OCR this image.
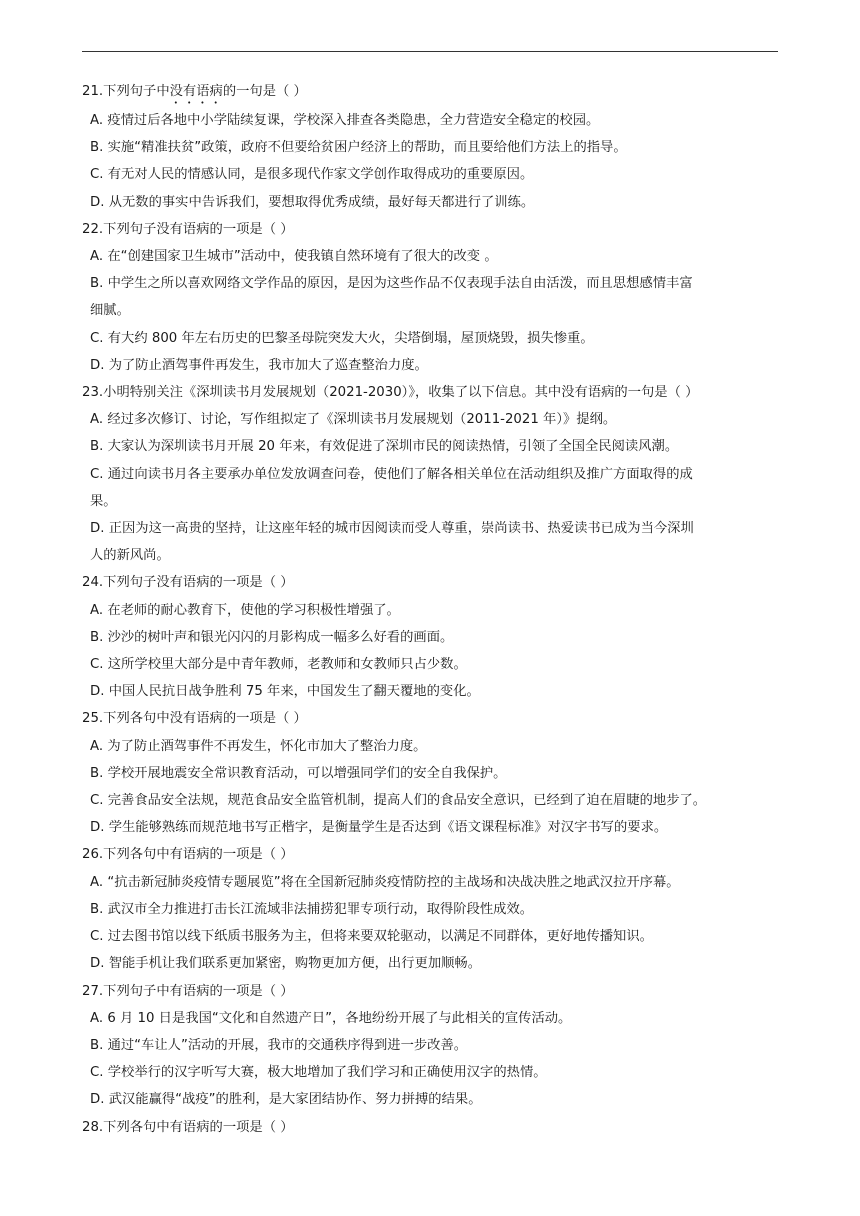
21.下列句子中没有语病的一句是（ ）
A. 疫情过后各地中小学陆续复课，学校深入排查各类隐患，全力营造安全稳定的校园。
B. 实施“精准扶贫”政策，政府不但要给贫困户经济上的帮助，而且要给他们方法上的指导。
C. 有无对人民的情感认同，是很多现代作家文学创作取得成功的重要原因。
D. 从无数的事实中告诉我们，要想取得优秀成绩，最好每天都进行了训练。
22.下列句子没有语病的一项是（ ）
A. 在“创建国家卫生城市”活动中，使我镇自然环境有了很大的改变 。
B. 中学生之所以喜欢网络文学作品的原因，是因为这些作品不仅表现手法自由活泼，而且思想感情丰富
细腻。
C. 有大约 800 年左右历史的巴黎圣母院突发大火，尖塔倒塌，屋顶烧毁，损失惨重。
D. 为了防止酒驾事件再发生，我市加大了巡查整治力度。
23.小明特别关注《深圳读书月发展规划（2021-2030）》，收集了以下信息。其中没有语病的一句是（ ）
A. 经过多次修订、讨论，写作组拟定了《深圳读书月发展规划（2011-2021 年）》提纲。
B. 大家认为深圳读书月开展 20 年来，有效促进了深圳市民的阅读热情，引领了全国全民阅读风潮。
C. 通过向读书月各主要承办单位发放调查问卷，使他们了解各相关单位在活动组织及推广方面取得的成
果。
D. 正因为这一高贵的坚持，让这座年轻的城市因阅读而受人尊重，崇尚读书、热爱读书已成为当今深圳
人的新风尚。
24.下列句子没有语病的一项是（ ）
A. 在老师的耐心教育下，使他的学习积极性增强了。
B. 沙沙的树叶声和银光闪闪的月影构成一幅多么好看的画面。
C. 这所学校里大部分是中青年教师，老教师和女教师只占少数。
D. 中国人民抗日战争胜利 75 年来，中国发生了翻天覆地的变化。
25.下列各句中没有语病的一项是（ ）
A. 为了防止酒驾事件不再发生，怀化市加大了整治力度。
B. 学校开展地震安全常识教育活动，可以增强同学们的安全自我保护。
C. 完善食品安全法规，规范食品安全监管机制，提高人们的食品安全意识，已经到了迫在眉睫的地步了。
D. 学生能够熟练而规范地书写正楷字，是衡量学生是否达到《语文课程标准》对汉字书写的要求。
26.下列各句中有语病的一项是（ ）
A. “抗击新冠肺炎疫情专题展览”将在全国新冠肺炎疫情防控的主战场和决战决胜之地武汉拉开序幕。
B. 武汉市全力推进打击长江流域非法捕捞犯罪专项行动，取得阶段性成效。
C. 过去图书馆以线下纸质书服务为主，但将来要双轮驱动，以满足不同群体，更好地传播知识。
D. 智能手机让我们联系更加紧密，购物更加方便，出行更加顺畅。
27.下列句子中有语病的一项是（ ）
A. 6 月 10 日是我国“文化和自然遗产日”，各地纷纷开展了与此相关的宣传活动。
B. 通过“车让人”活动的开展，我市的交通秩序得到进一步改善。
C. 学校举行的汉字听写大赛，极大地增加了我们学习和正确使用汉字的热情。
D. 武汉能赢得“战疫”的胜利，是大家团结协作、努力拼搏的结果。
28.下列各句中有语病的一项是（ ）
